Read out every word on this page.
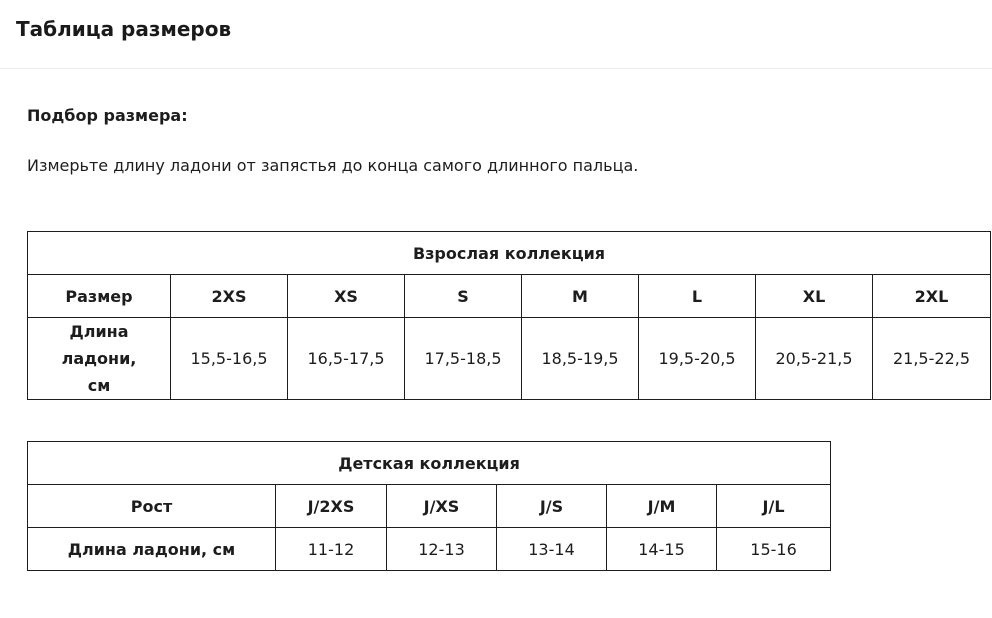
Таблица размеров
Подбор размера:
Измерьте длину ладони от запястья до конца самого длинного пальца.
Взрослая коллекция							
Размер	2XS	XS	S	M	L	XL	2XL
Длина ладони, см	15,5-16,5	16,5-17,5	17,5-18,5	18,5-19,5	19,5-20,5	20,5-21,5	21,5-22,5
Детская коллекция					
Рост	J/2XS	J/XS	J/S	J/M	J/L
Длина ладони, см	11-12	12-13	13-14	14-15	15-16
